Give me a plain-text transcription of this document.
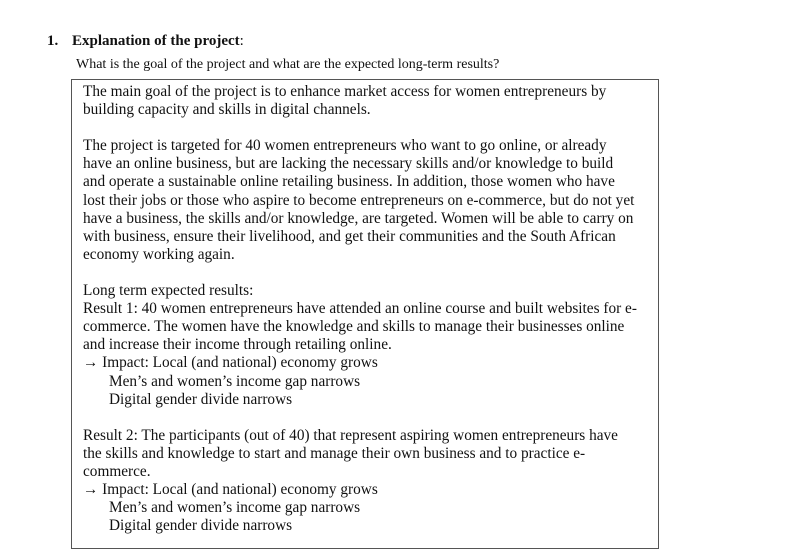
1. Explanation of the project:
What is the goal of the project and what are the expected long-term results?
The main goal of the project is to enhance market access for women entrepreneurs by
building capacity and skills in digital channels.
The project is targeted for 40 women entrepreneurs who want to go online, or already
have an online business, but are lacking the necessary skills and/or knowledge to build
and operate a sustainable online retailing business. In addition, those women who have
lost their jobs or those who aspire to become entrepreneurs on e-commerce, but do not yet
have a business, the skills and/or knowledge, are targeted. Women will be able to carry on
with business, ensure their livelihood, and get their communities and the South African
economy working again.
Long term expected results:
Result 1: 40 women entrepreneurs have attended an online course and built websites for e-
commerce. The women have the knowledge and skills to manage their businesses online
and increase their income through retailing online.
→ Impact: Local (and national) economy grows
Men’s and women’s income gap narrows
Digital gender divide narrows
Result 2: The participants (out of 40) that represent aspiring women entrepreneurs have
the skills and knowledge to start and manage their own business and to practice e-
commerce.
→ Impact: Local (and national) economy grows
Men’s and women’s income gap narrows
Digital gender divide narrows
